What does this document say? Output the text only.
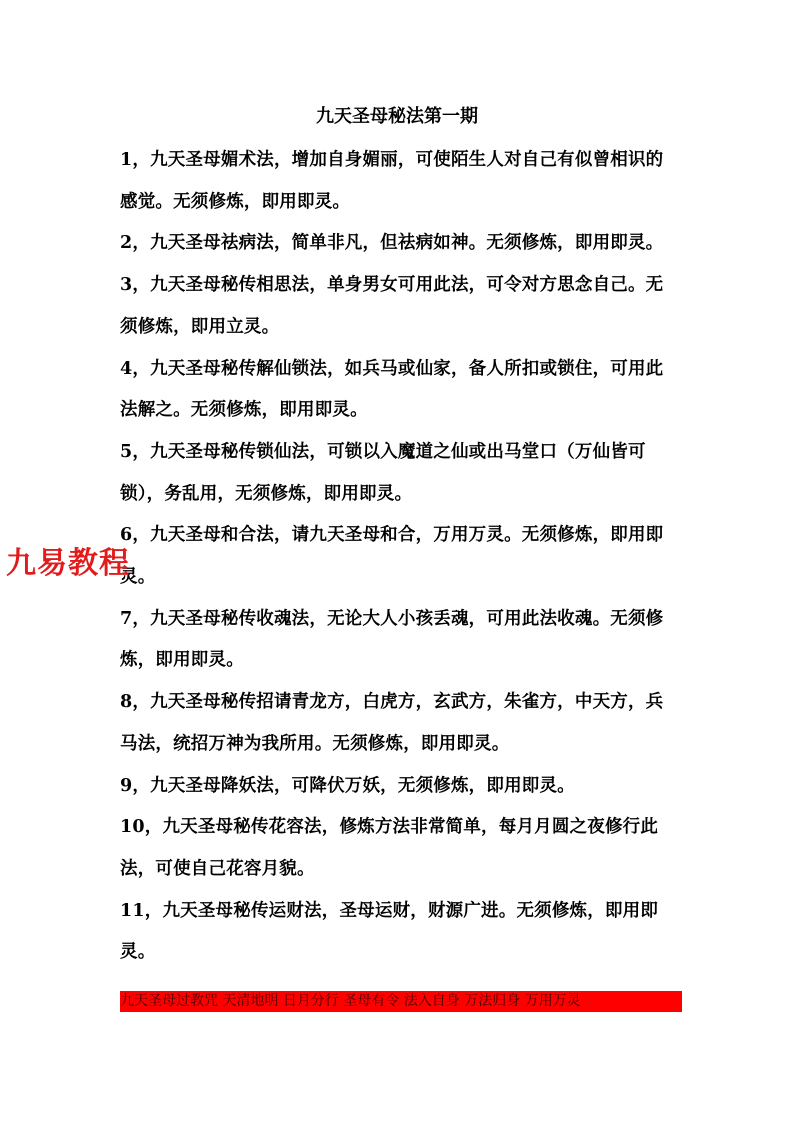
九天圣母秘法第一期

1，九天圣母媚术法，增加自身媚丽，可使陌生人对自己有似曾相识的感觉。无须修炼，即用即灵。

2，九天圣母祛病法，简单非凡，但祛病如神。无须修炼，即用即灵。

3，九天圣母秘传相思法，单身男女可用此法，可令对方思念自己。无须修炼，即用立灵。

4，九天圣母秘传解仙锁法，如兵马或仙家，备人所扣或锁住，可用此法解之。无须修炼，即用即灵。

5，九天圣母秘传锁仙法，可锁以入魔道之仙或出马堂口（万仙皆可锁），务乱用，无须修炼，即用即灵。

6，九天圣母和合法，请九天圣母和合，万用万灵。无须修炼，即用即灵。

7，九天圣母秘传收魂法，无论大人小孩丢魂，可用此法收魂。无须修炼，即用即灵。

8，九天圣母秘传招请青龙方，白虎方，玄武方，朱雀方，中天方，兵马法，统招万神为我所用。无须修炼，即用即灵。

9，九天圣母降妖法，可降伏万妖，无须修炼，即用即灵。

10，九天圣母秘传花容法，修炼方法非常简单，每月月圆之夜修行此法，可使自己花容月貌。

11，九天圣母秘传运财法，圣母运财，财源广进。无须修炼，即用即灵。

九易教程
九天圣母过教咒 天清地明 日月分行 圣母有令 法入自身 万法归身 万用万灵
